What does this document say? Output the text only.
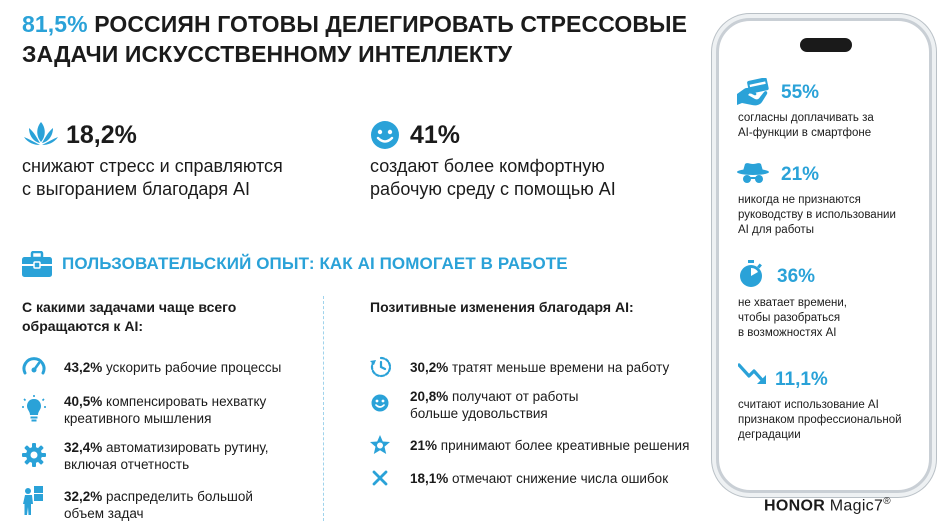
81,5% РОССИЯН ГОТОВЫ ДЕЛЕГИРОВАТЬ СТРЕССОВЫЕ
ЗАДАЧИ ИСКУССТВЕННОМУ ИНТЕЛЛЕКТУ
18,2%
снижают стресс и справляются
с выгоранием благодаря AI
41%
создают более комфортную
рабочую среду с помощью AI
ПОЛЬЗОВАТЕЛЬСКИЙ ОПЫТ: КАК AI ПОМОГАЕТ В РАБОТЕ
С какими задачами чаще всего
обращаются к AI:
43,2% ускорить рабочие процессы
40,5% компенсировать нехватку
креативного мышления
32,4% автоматизировать рутину,
включая отчетность
32,2% распределить большой
объем задач
Позитивные изменения благодаря AI:
30,2% тратят меньше времени на работу
20,8% получают от работы
больше удовольствия
21% принимают более креативные решения
18,1% отмечают снижение числа ошибок
55%
согласны доплачивать за
AI-функции в смартфоне
21%
никогда не признаются
руководству в использовании
AI для работы
36%
не хватает времени,
чтобы разобраться
в возможностях AI
11,1%
считают использование AI
признаком профессиональной
деградации
HONOR Magic7®
